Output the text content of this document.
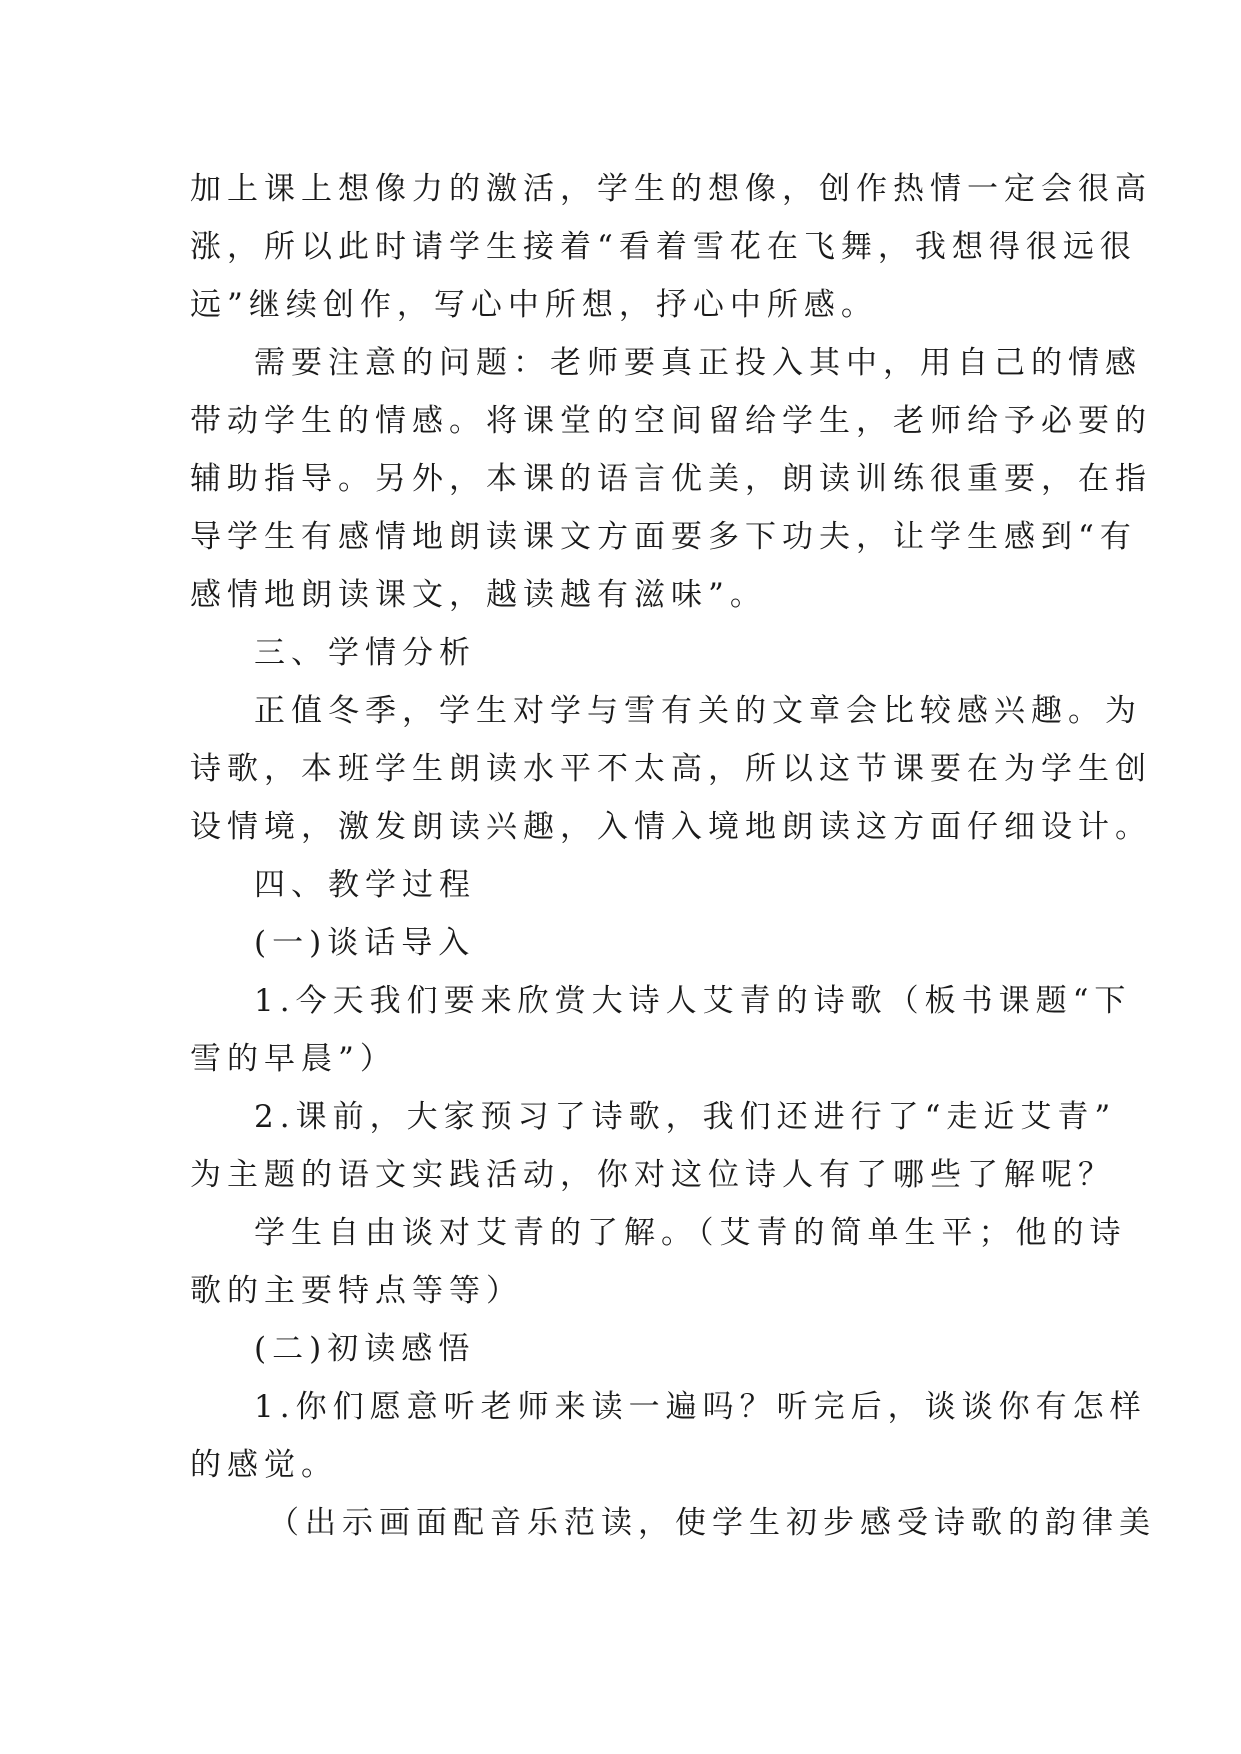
加上课上想像力的激活，学生的想像，创作热情一定会很高
涨，所以此时请学生接着“看着雪花在飞舞，我想得很远很
远”继续创作，写心中所想，抒心中所感。
需要注意的问题：老师要真正投入其中，用自己的情感
带动学生的情感。将课堂的空间留给学生，老师给予必要的
辅助指导。另外，本课的语言优美，朗读训练很重要，在指
导学生有感情地朗读课文方面要多下功夫，让学生感到“有
感情地朗读课文，越读越有滋味”。
三、学情分析
正值冬季，学生对学与雪有关的文章会比较感兴趣。为
诗歌，本班学生朗读水平不太高，所以这节课要在为学生创
设情境，激发朗读兴趣，入情入境地朗读这方面仔细设计。
四、教学过程
(一)谈话导入
1.今天我们要来欣赏大诗人艾青的诗歌（板书课题“下
雪的早晨”）
2.课前，大家预习了诗歌，我们还进行了“走近艾青”
为主题的语文实践活动，你对这位诗人有了哪些了解呢？
学生自由谈对艾青的了解。（艾青的简单生平；他的诗
歌的主要特点等等）
(二)初读感悟
1.你们愿意听老师来读一遍吗？听完后，谈谈你有怎样
的感觉。
（出示画面配音乐范读，使学生初步感受诗歌的韵律美
